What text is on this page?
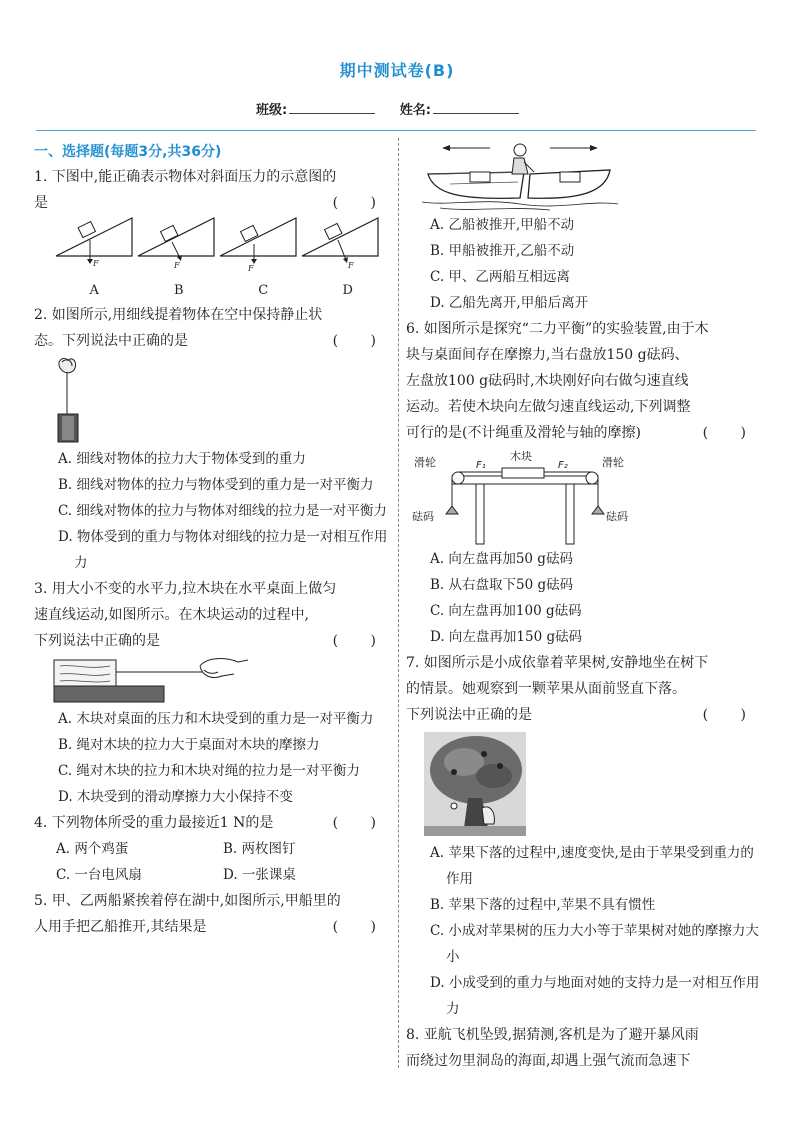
期中测试卷(B)
班级:	姓名:
一、选择题(每题3分,共36分)
1. 下图中,能正确表示物体对斜面压力的示意图的
是	( )
F	F	F	F
A	B	C	D
2. 如图所示,用细线提着物体在空中保持静止状
态。下列说法中正确的是	( )
A. 细线对物体的拉力大于物体受到的重力
B. 细线对物体的拉力与物体受到的重力是一对平衡力
C. 细线对物体的拉力与物体对细线的拉力是一对平衡力
D. 物体受到的重力与物体对细线的拉力是一对相互作用力
3. 用大小不变的水平力,拉木块在水平桌面上做匀
速直线运动,如图所示。在木块运动的过程中,
下列说法中正确的是	( )
A. 木块对桌面的压力和木块受到的重力是一对平衡力
B. 绳对木块的拉力大于桌面对木块的摩擦力
C. 绳对木块的拉力和木块对绳的拉力是一对平衡力
D. 木块受到的滑动摩擦力大小保持不变
4. 下列物体所受的重力最接近1 N的是	( )
A. 两个鸡蛋	B. 两枚图钉
C. 一台电风扇	D. 一张课桌
5. 甲、乙两船紧挨着停在湖中,如图所示,甲船里的
人用手把乙船推开,其结果是	( )
A. 乙船被推开,甲船不动
B. 甲船被推开,乙船不动
C. 甲、乙两船互相远离
D. 乙船先离开,甲船后离开
6. 如图所示是探究“二力平衡”的实验装置,由于木
块与桌面间存在摩擦力,当右盘放150 g砝码、
左盘放100 g砝码时,木块刚好向右做匀速直线
运动。若使木块向左做匀速直线运动,下列调整
可行的是(不计绳重及滑轮与轴的摩擦)	( )
滑轮	滑轮
木块
F₁	F₂
砝码	砝码
A. 向左盘再加50 g砝码
B. 从右盘取下50 g砝码
C. 向左盘再加100 g砝码
D. 向左盘再加150 g砝码
7. 如图所示是小成依靠着苹果树,安静地坐在树下
的情景。她观察到一颗苹果从面前竖直下落。
下列说法中正确的是	( )
A. 苹果下落的过程中,速度变快,是由于苹果受到重力的作用
B. 苹果下落的过程中,苹果不具有惯性
C. 小成对苹果树的压力大小等于苹果树对她的摩擦力大小
D. 小成受到的重力与地面对她的支持力是一对相互作用力
8. 亚航飞机坠毁,据猜测,客机是为了避开暴风雨
而绕过勿里洞岛的海面,却遇上强气流而急速下
